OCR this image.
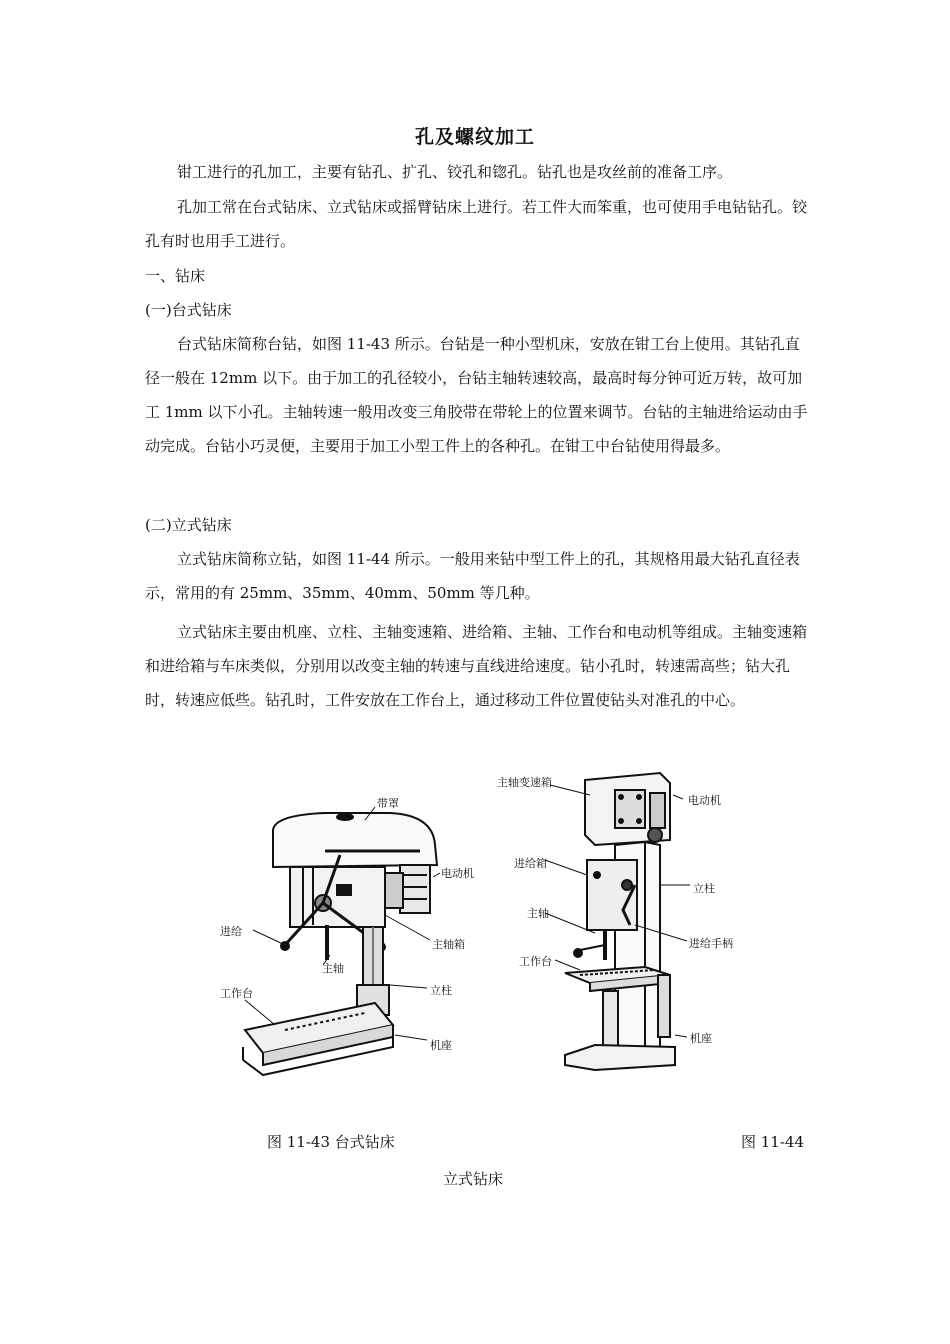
孔及螺纹加工
钳工进行的孔加工，主要有钻孔、扩孔、铰孔和锪孔。钻孔也是攻丝前的准备工序。
孔加工常在台式钻床、立式钻床或摇臂钻床上进行。若工件大而笨重，也可使用手电钻钻孔。铰孔有时也用手工进行。
一、钻床
(一)台式钻床
台式钻床简称台钻，如图 11-43 所示。台钻是一种小型机床，安放在钳工台上使用。其钻孔直径一般在 12mm 以下。由于加工的孔径较小，台钻主轴转速较高，最高时每分钟可近万转，故可加工 1mm 以下小孔。主轴转速一般用改变三角胶带在带轮上的位置来调节。台钻的主轴进给运动由手动完成。台钻小巧灵便，主要用于加工小型工件上的各种孔。在钳工中台钻使用得最多。
(二)立式钻床
立式钻床简称立钻，如图 11-44 所示。一般用来钻中型工件上的孔，其规格用最大钻孔直径表示，常用的有 25mm、35mm、40mm、50mm 等几种。
立式钻床主要由机座、立柱、主轴变速箱、进给箱、主轴、工作台和电动机等组成。主轴变速箱和进给箱与车床类似，分别用以改变主轴的转速与直线进给速度。钻小孔时，转速需高些；钻大孔时，转速应低些。钻孔时，工件安放在工作台上，通过移动工件位置使钻头对准孔的中心。
带罩
电动机
进给
主轴箱
主轴
立柱
工作台
机座
主轴变速箱
电动机
进给箱
立柱
主轴
进给手柄
工作台
机座
图 11-43 台式钻床	图 11-44
立式钻床
